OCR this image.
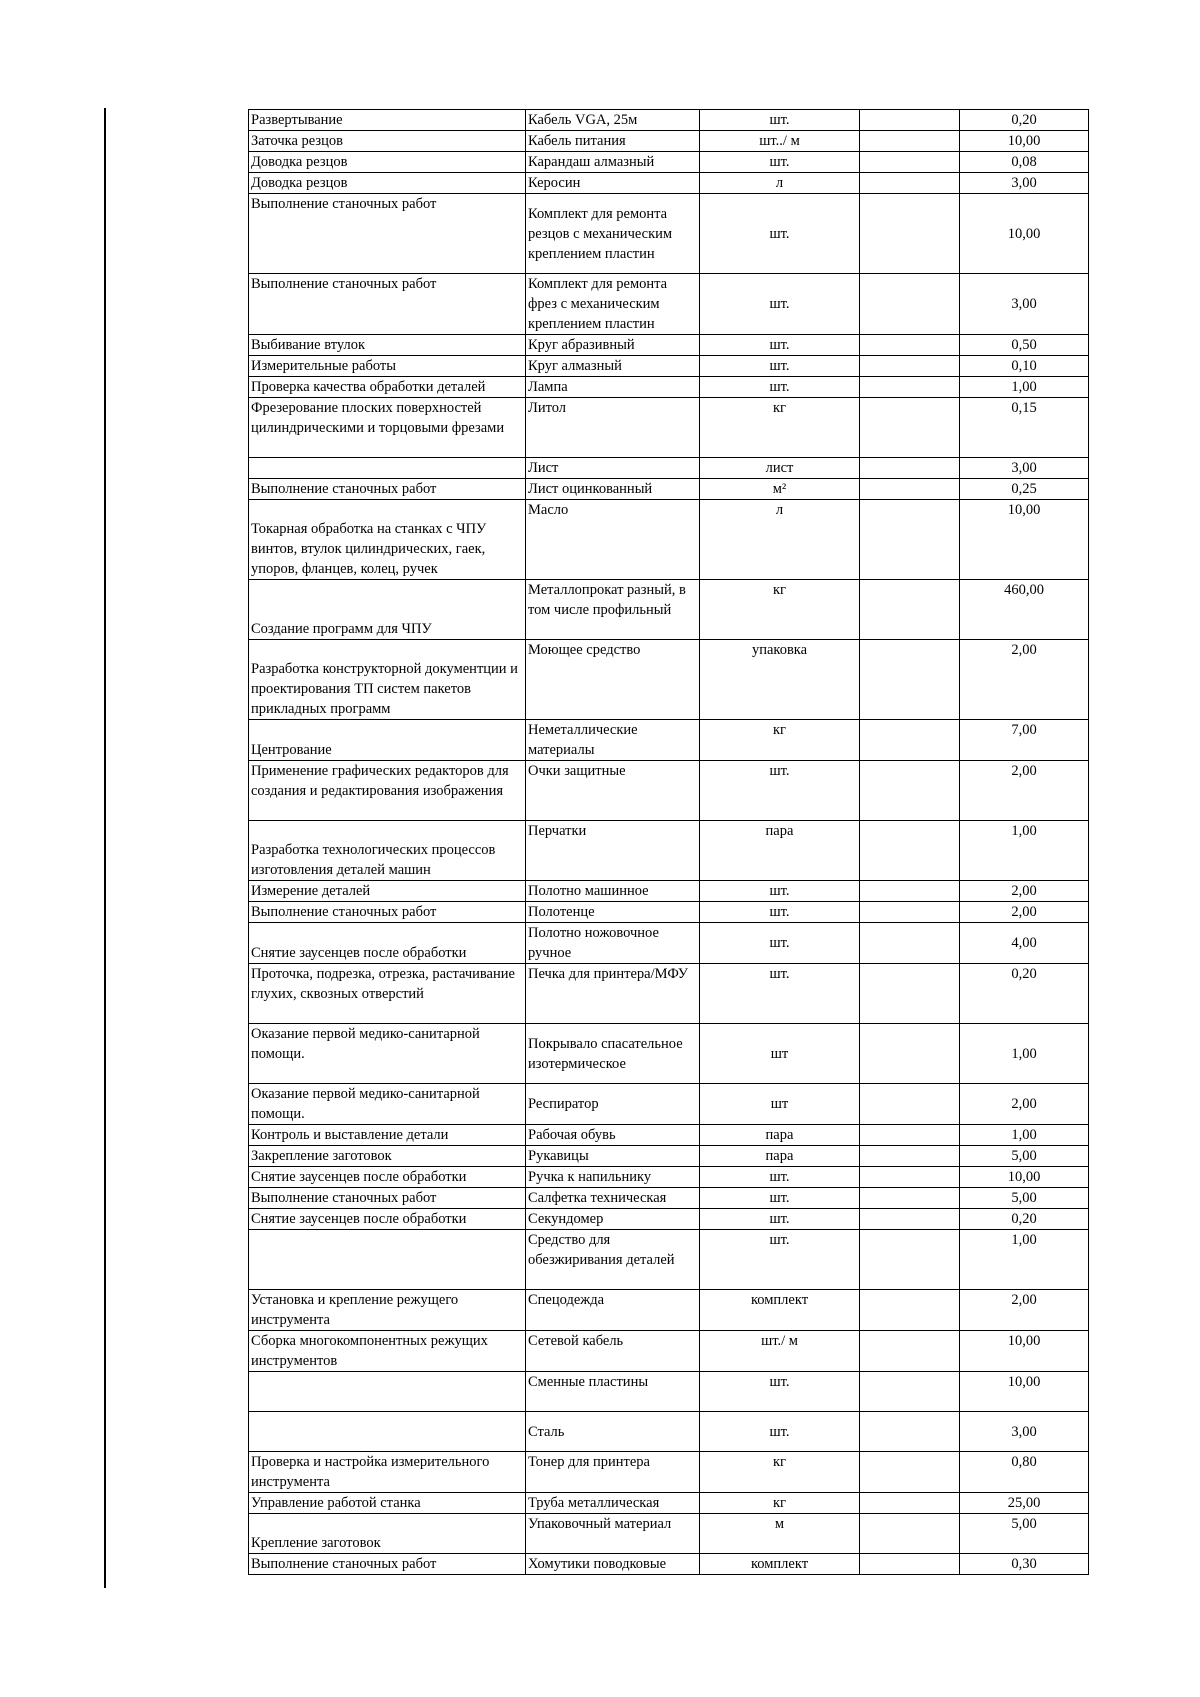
Развертывание	Кабель VGA, 25м	шт.		0,20
Заточка резцов	Кабель питания	шт../ м		10,00
Доводка резцов	Карандаш алмазный	шт.		0,08
Доводка резцов	Керосин	л		3,00
Выполнение станочных работ	Комплект для ремонта резцов с механическим креплением пластин	шт.		10,00
Выполнение станочных работ	Комплект для ремонта фрез с механическим креплением пластин	шт.		3,00
Выбивание втулок	Круг абразивный	шт.		0,50
Измерительные работы	Круг алмазный	шт.		0,10
Проверка качества обработки деталей	Лампа	шт.		1,00
Фрезерование плоских поверхностей цилиндрическими и торцовыми фрезами	Литол	кг		0,15
	Лист	лист		3,00
Выполнение станочных работ	Лист оцинкованный	м²		0,25
Токарная обработка на станках с ЧПУ винтов, втулок цилиндрических, гаек, упоров, фланцев, колец, ручек	Масло	л		10,00
Создание программ для ЧПУ	Металлопрокат разный, в том числе профильный	кг		460,00
Разработка конструкторной документции и проектирования ТП систем пакетов прикладных программ	Моющее средство	упаковка		2,00
Центрование	Неметаллические материалы	кг		7,00
Применение графических редакторов для создания и редактирования изображения	Очки защитные	шт.		2,00
Разработка технологических процессов изготовления деталей машин	Перчатки	пара		1,00
Измерение деталей	Полотно машинное	шт.		2,00
Выполнение станочных работ	Полотенце	шт.		2,00
Снятие заусенцев после обработки	Полотно ножовочное ручное	шт.		4,00
Проточка, подрезка, отрезка, растачивание глухих, сквозных отверстий	Печка для принтера/МФУ	шт.		0,20
Оказание первой медико-санитарной помощи.	Покрывало спасательное изотермическое	шт		1,00
Оказание первой медико-санитарной помощи.	Респиратор	шт		2,00
Контроль и выставление детали	Рабочая обувь	пара		1,00
Закрепление заготовок	Рукавицы	пара		5,00
Снятие заусенцев после обработки	Ручка к напильнику	шт.		10,00
Выполнение станочных работ	Салфетка техническая	шт.		5,00
Снятие заусенцев после обработки	Секундомер	шт.		0,20
	Средство для обезжиривания деталей	шт.		1,00
Установка и крепление режущего инструмента	Спецодежда	комплект		2,00
Сборка многокомпонентных режущих инструментов	Сетевой кабель	шт./ м		10,00
	Сменные пластины	шт.		10,00
	Сталь	шт.		3,00
Проверка и настройка измерительного инструмента	Тонер для принтера	кг		0,80
Управление работой станка	Труба металлическая	кг		25,00
Крепление заготовок	Упаковочный материал	м		5,00
Выполнение станочных работ	Хомутики поводковые	комплект		0,30
